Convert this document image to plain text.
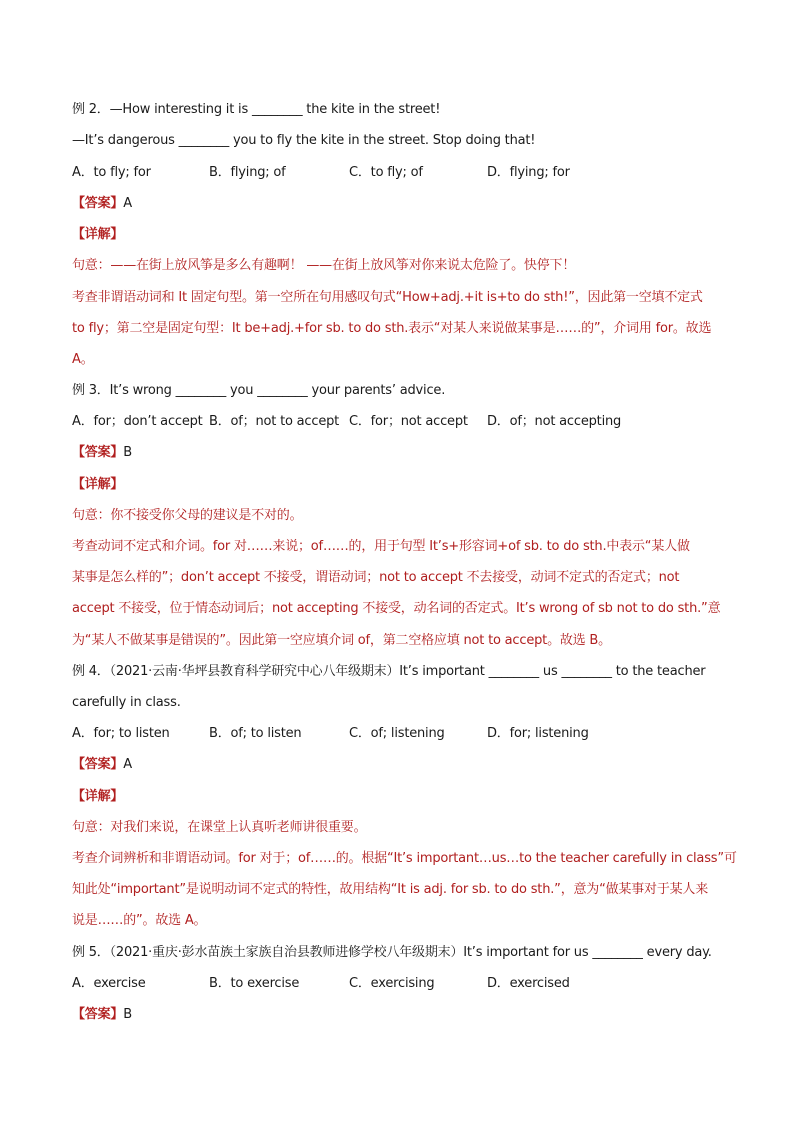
例 2．—How interesting it is ________ the kite in the street!
—It’s dangerous ________ you to fly the kite in the street. Stop doing that!
A．to fly; for	B．flying; of	C．to fly; of	D．flying; for
【答案】A
【详解】
句意：——在街上放风筝是多么有趣啊！ ——在街上放风筝对你来说太危险了。快停下！
考查非谓语动词和 It 固定句型。第一空所在句用感叹句式“How+adj.+it is+to do sth!”，因此第一空填不定式
to fly；第二空是固定句型：It be+adj.+for sb. to do sth.表示“对某人来说做某事是……的”，介词用 for。故选
A。
例 3．It’s wrong ________ you ________ your parents’ advice.
A．for；don’t accept B．of；not to accept C．for；not accept D．of；not accepting
【答案】B
【详解】
句意：你不接受你父母的建议是不对的。
考查动词不定式和介词。for 对……来说；of……的，用于句型 It’s+形容词+of sb. to do sth.中表示“某人做
某事是怎么样的”；don’t accept 不接受，谓语动词；not to accept 不去接受，动词不定式的否定式；not
accept 不接受，位于情态动词后；not accepting 不接受，动名词的否定式。It’s wrong of sb not to do sth.”意
为“某人不做某事是错误的”。因此第一空应填介词 of，第二空格应填 not to accept。故选 B。
例 4．（2021·云南·华坪县教育科学研究中心八年级期末）It’s important ________ us ________ to the teacher
carefully in class.
A．for; to listen	B．of; to listen	C．of; listening	D．for; listening
【答案】A
【详解】
句意：对我们来说，在课堂上认真听老师讲很重要。
考查介词辨析和非谓语动词。for 对于；of……的。根据“It’s important…us…to the teacher carefully in class”可
知此处“important”是说明动词不定式的特性，故用结构“It is adj. for sb. to do sth.”，意为“做某事对于某人来
说是……的”。故选 A。
例 5．（2021·重庆·彭水苗族土家族自治县教师进修学校八年级期末）It’s important for us ________ every day.
A．exercise	B．to exercise	C．exercising	D．exercised
【答案】B
